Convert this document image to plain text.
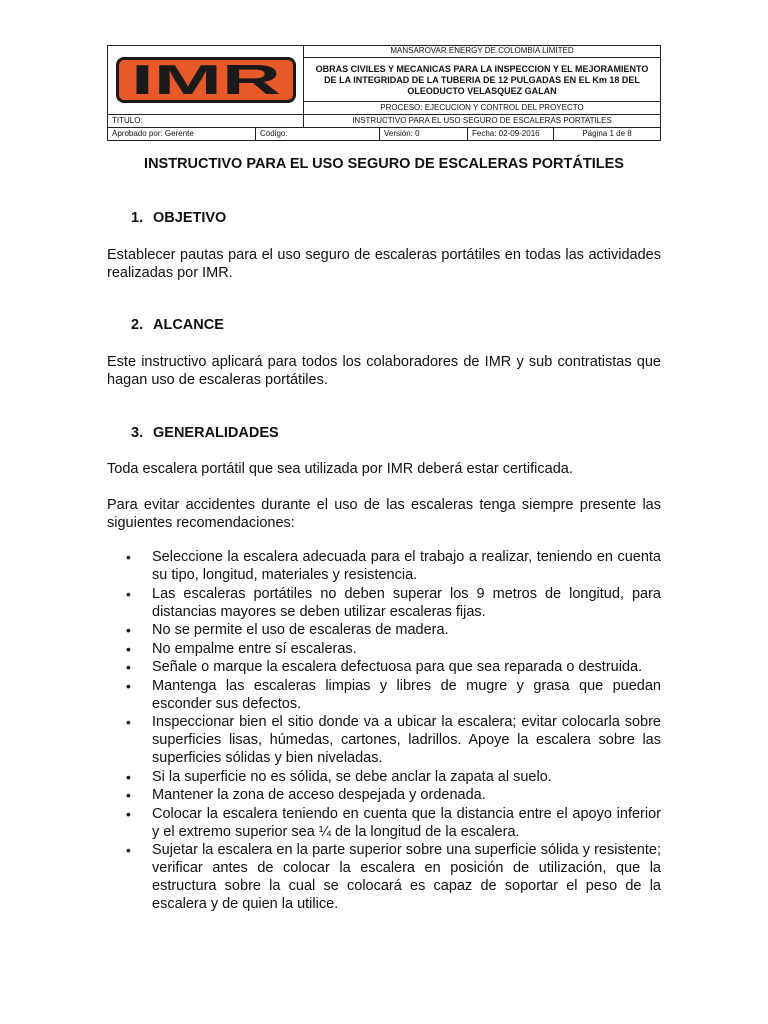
IMR
MANSAROVAR ENERGY DE COLOMBIA LIMITED
OBRAS CIVILES Y MECANICAS PARA LA INSPECCION Y EL MEJORAMIENTO DE LA INTEGRIDAD DE LA TUBERIA DE 12 PULGADAS EN EL Km 18 DEL OLEODUCTO VELASQUEZ GALAN
PROCESO: EJECUCION Y CONTROL DEL PROYECTO
TITULO:	INSTRUCTIVO PARA EL USO SEGURO DE ESCALERAS PORTATILES
Aprobado por: Gerente	Código:	Versión: 0	Fecha: 02-09-2016	Página 1 de 8
INSTRUCTIVO PARA EL USO SEGURO DE ESCALERAS PORTÁTILES
1. OBJETIVO
Establecer pautas para el uso seguro de escaleras portátiles en todas las actividades realizadas por IMR.
2. ALCANCE
Este instructivo aplicará para todos los colaboradores de IMR y sub contratistas que hagan uso de escaleras portátiles.
3. GENERALIDADES
Toda escalera portátil que sea utilizada por IMR deberá estar certificada.
Para evitar accidentes durante el uso de las escaleras tenga siempre presente las siguientes recomendaciones:
• Seleccione la escalera adecuada para el trabajo a realizar, teniendo en cuenta su tipo, longitud, materiales y resistencia.
• Las escaleras portátiles no deben superar los 9 metros de longitud, para distancias mayores se deben utilizar escaleras fijas.
• No se permite el uso de escaleras de madera.
• No empalme entre sí escaleras.
• Señale o marque la escalera defectuosa para que sea reparada o destruida.
• Mantenga las escaleras limpias y libres de mugre y grasa que puedan esconder sus defectos.
• Inspeccionar bien el sitio donde va a ubicar la escalera; evitar colocarla sobre superficies lisas, húmedas, cartones, ladrillos. Apoye la escalera sobre las superficies sólidas y bien niveladas.
• Si la superficie no es sólida, se debe anclar la zapata al suelo.
• Mantener la zona de acceso despejada y ordenada.
• Colocar la escalera teniendo en cuenta que la distancia entre el apoyo inferior y el extremo superior sea ¼ de la longitud de la escalera.
• Sujetar la escalera en la parte superior sobre una superficie sólida y resistente; verificar antes de colocar la escalera en posición de utilización, que la estructura sobre la cual se colocará es capaz de soportar el peso de la escalera y de quien la utilice.
